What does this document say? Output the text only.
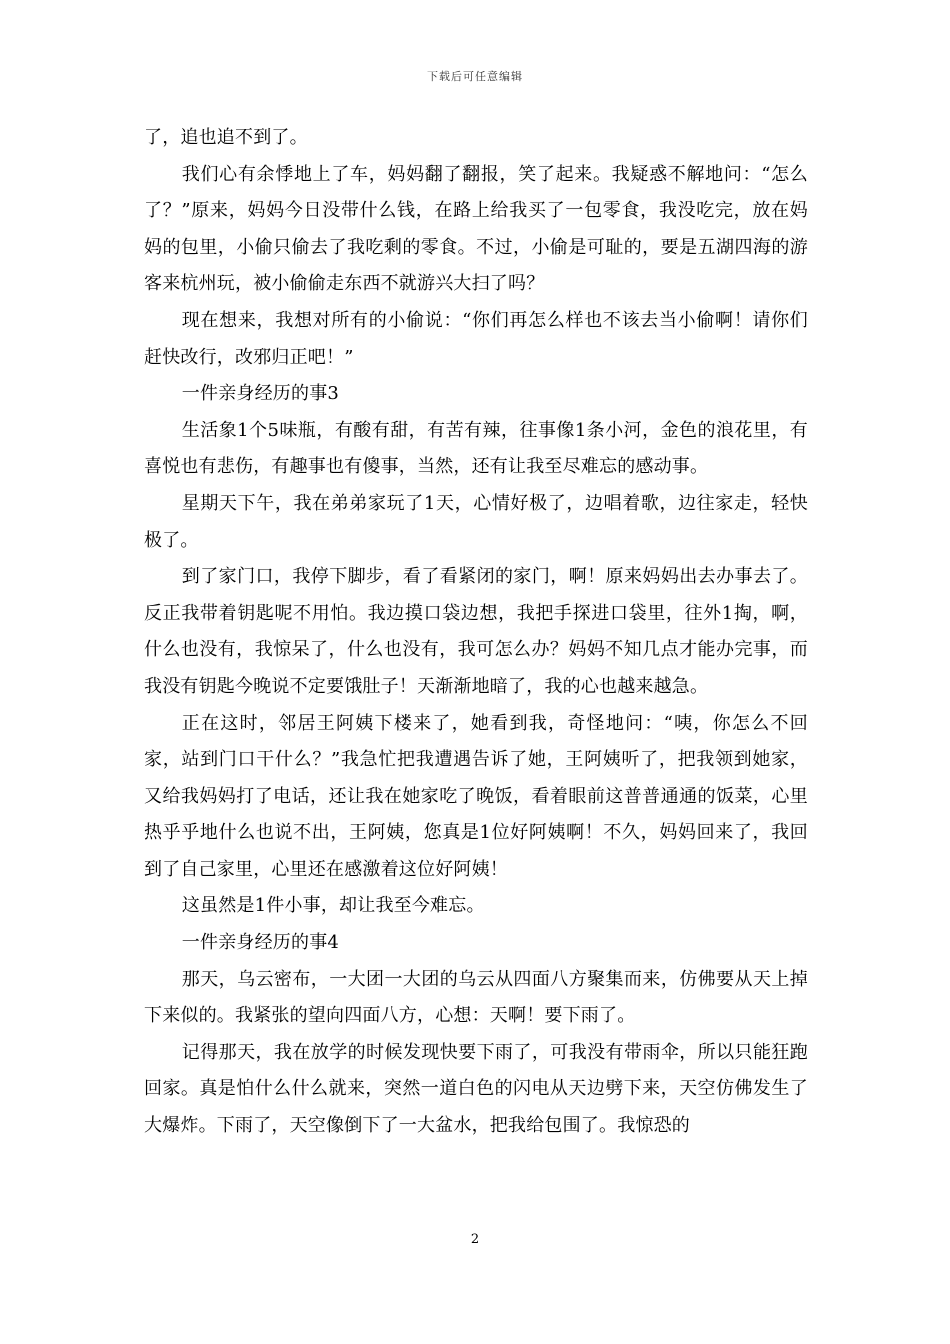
下载后可任意编辑

了，追也追不到了。

我们心有余悸地上了车，妈妈翻了翻报，笑了起来。我疑惑不解地问：“怎么了？”原来，妈妈今日没带什么钱，在路上给我买了一包零食，我没吃完，放在妈妈的包里，小偷只偷去了我吃剩的零食。不过，小偷是可耻的，要是五湖四海的游客来杭州玩，被小偷偷走东西不就游兴大扫了吗？

现在想来，我想对所有的小偷说：“你们再怎么样也不该去当小偷啊！请你们赶快改行，改邪归正吧！”

一件亲身经历的事3

生活象1个5味瓶，有酸有甜，有苦有辣，往事像1条小河，金色的浪花里，有喜悦也有悲伤，有趣事也有傻事，当然，还有让我至尽难忘的感动事。

星期天下午，我在弟弟家玩了1天，心情好极了，边唱着歌，边往家走，轻快极了。

到了家门口，我停下脚步，看了看紧闭的家门，啊！原来妈妈出去办事去了。反正我带着钥匙呢不用怕。我边摸口袋边想，我把手探进口袋里，往外1掏，啊，什么也没有，我惊呆了，什么也没有，我可怎么办？妈妈不知几点才能办完事，而我没有钥匙今晚说不定要饿肚子！天渐渐地暗了，我的心也越来越急。

正在这时，邻居王阿姨下楼来了，她看到我，奇怪地问：“咦，你怎么不回家，站到门口干什么？”我急忙把我遭遇告诉了她，王阿姨听了，把我领到她家，又给我妈妈打了电话，还让我在她家吃了晚饭，看着眼前这普普通通的饭菜，心里热乎乎地什么也说不出，王阿姨，您真是1位好阿姨啊！不久，妈妈回来了，我回到了自己家里，心里还在感激着这位好阿姨！

这虽然是1件小事，却让我至今难忘。

一件亲身经历的事4

那天，乌云密布，一大团一大团的乌云从四面八方聚集而来，仿佛要从天上掉下来似的。我紧张的望向四面八方，心想：天啊！要下雨了。

记得那天，我在放学的时候发现快要下雨了，可我没有带雨伞，所以只能狂跑回家。真是怕什么什么就来，突然一道白色的闪电从天边劈下来，天空仿佛发生了大爆炸。下雨了，天空像倒下了一大盆水，把我给包围了。我惊恐的

2
